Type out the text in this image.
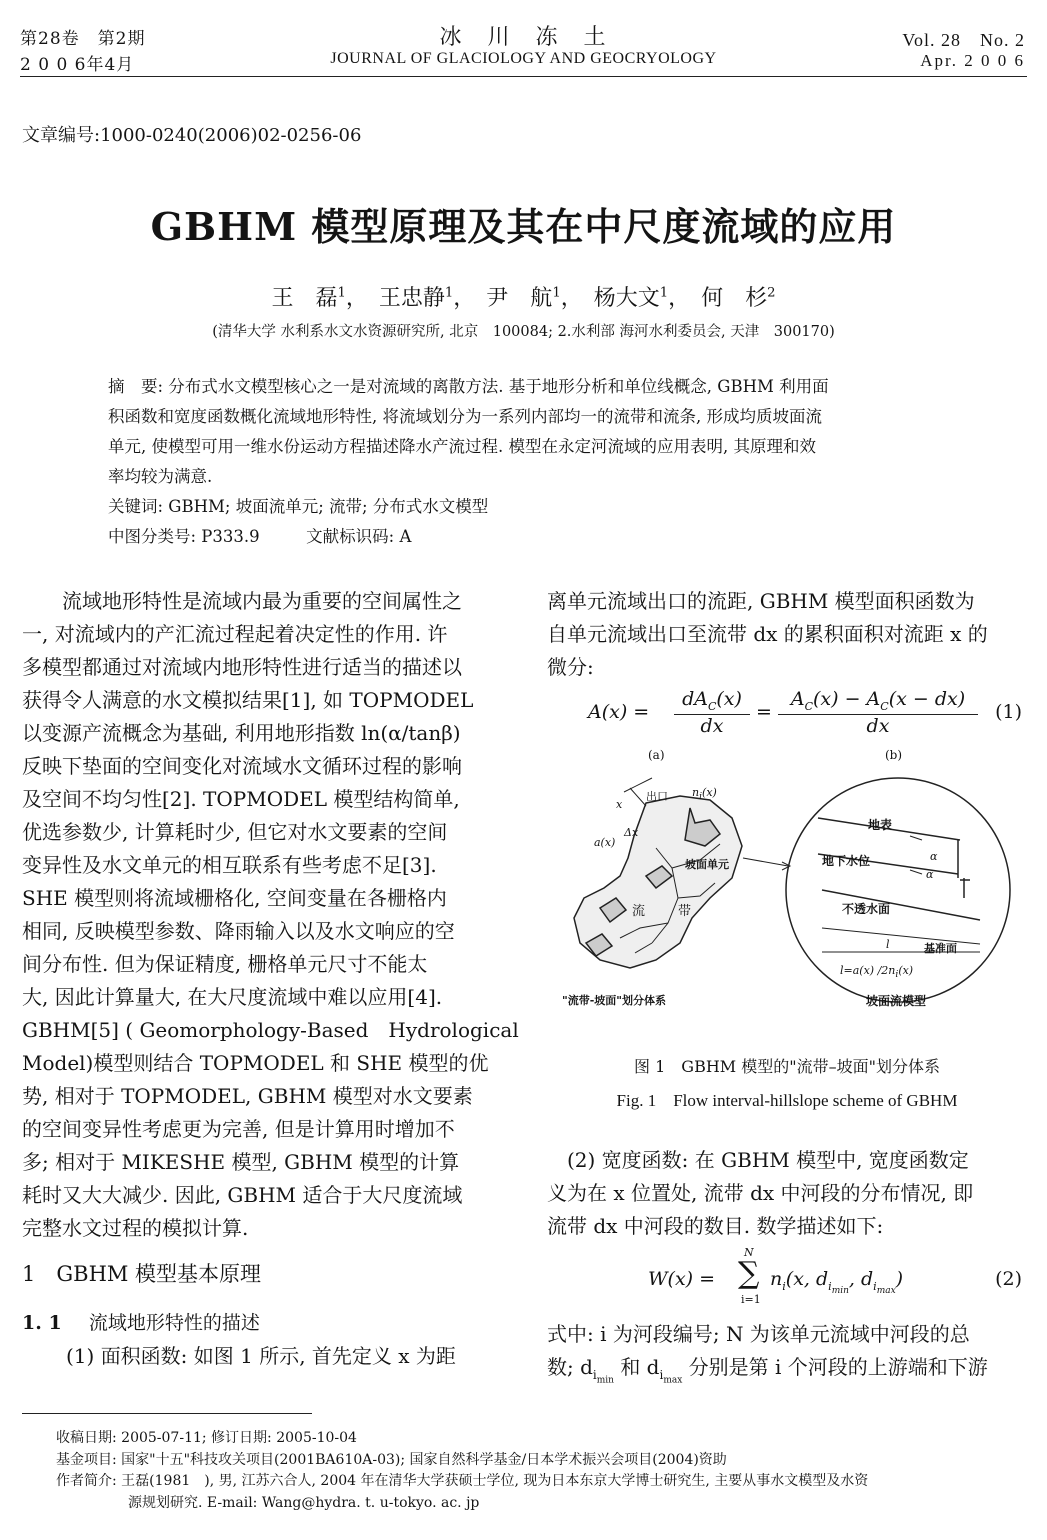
第28卷　第2期
2 0 0 6年4月
冰　川　冻　土
JOURNAL OF GLACIOLOGY AND GEOCRYOLOGY
Vol. 28　No. 2
Apr. 2 0 0 6
文章编号:1000-0240(2006)02-0256-06
GBHM 模型原理及其在中尺度流域的应用
王　磊$^1$，　王忠静$^1$，　尹　航$^1$，　杨大文$^1$，　何　杉$^2$
(清华大学 水利系水文水资源研究所, 北京　100084; 2.水利部 海河水利委员会, 天津　300170)
摘　要: 分布式水文模型核心之一是对流域的离散方法. 基于地形分析和单位线概念, GBHM 利用面
积函数和宽度函数概化流域地形特性, 将流域划分为一系列内部均一的流带和流条, 形成均质坡面流
单元, 使模型可用一维水份运动方程描述降水产流过程. 模型在永定河流域的应用表明, 其原理和效
率均较为满意.
关键词: GBHM; 坡面流单元; 流带; 分布式水文模型
中图分类号: P333.9	文献标识码: A
　　流域地形特性是流域内最为重要的空间属性之
一, 对流域内的产汇流过程起着决定性的作用. 许
多模型都通过对流域内地形特性进行适当的描述以
获得令人满意的水文模拟结果[1], 如 TOPMODEL
以变源产流概念为基础, 利用地形指数 ln(α/tanβ)
反映下垫面的空间变化对流域水文循环过程的影响
及空间不均匀性[2]. TOPMODEL 模型结构简单,
优选参数少, 计算耗时少, 但它对水文要素的空间
变异性及水文单元的相互联系有些考虑不足[3].
SHE 模型则将流域栅格化, 空间变量在各栅格内
相同, 反映模型参数、降雨输入以及水文响应的空
间分布性. 但为保证精度, 栅格单元尺寸不能太
大, 因此计算量大, 在大尺度流域中难以应用[4].
GBHM[5] ( Geomorphology-Based　Hydrological
Model)模型则结合 TOPMODEL 和 SHE 模型的优
势, 相对于 TOPMODEL, GBHM 模型对水文要素
的空间变异性考虑更为完善, 但是计算用时增加不
多; 相对于 MIKESHE 模型, GBHM 模型的计算
耗时又大大减少. 因此, GBHM 适合于大尺度流域
完整水文过程的模拟计算.
1　GBHM 模型基本原理
1. 1 流域地形特性的描述
(1) 面积函数: 如图 1 所示, 首先定义 x 为距
离单元流域出口的流距, GBHM 模型面积函数为
自单元流域出口至流带 dx 的累积面积对流距 x 的
微分:
A(x) =
$dA_C(x)$
dx
=
$A_C(x) - A_C(x - dx)$
dx
(1)
(a)	(b)
出口 $n_i(x)$
a(x)
Δx
x
坡面单元
流	带
"流带-坡面"划分体系
地表
地下水位	α
α
不透水面
基准面
l
l=a(x) $/2n_i(x)$
坡面流模型
图 1　GBHM 模型的"流带–坡面"划分体系
Fig. 1　Flow interval-hillslope scheme of GBHM
　(2) 宽度函数: 在 GBHM 模型中, 宽度函数定
义为在 x 位置处, 流带 dx 中河段的分布情况, 即
流带 dx 中河段的数目. 数学描述如下:
W(x) =
N
∑
i=1
$n_i(x$, $d_{i_{min}}$, $d_{i_{max}}$)	(2)
式中: i 为河段编号; N 为该单元流域中河段的总
数; $d_{i_{min}}$ 和 $d_{i_{max}}$ 分别是第 i 个河段的上游端和下游
收稿日期: 2005-07-11; 修订日期: 2005-10-04
基金项目: 国家"十五"科技攻关项目(2001BA610A-03); 国家自然科学基金/日本学术振兴会项目(2004)资助
作者简介: 王磊(1981　), 男, 江苏六合人, 2004 年在清华大学获硕士学位, 现为日本东京大学博士研究生, 主要从事水文模型及水资
源规划研究. E-mail: Wang@hydra. t. u-tokyo. ac. jp
